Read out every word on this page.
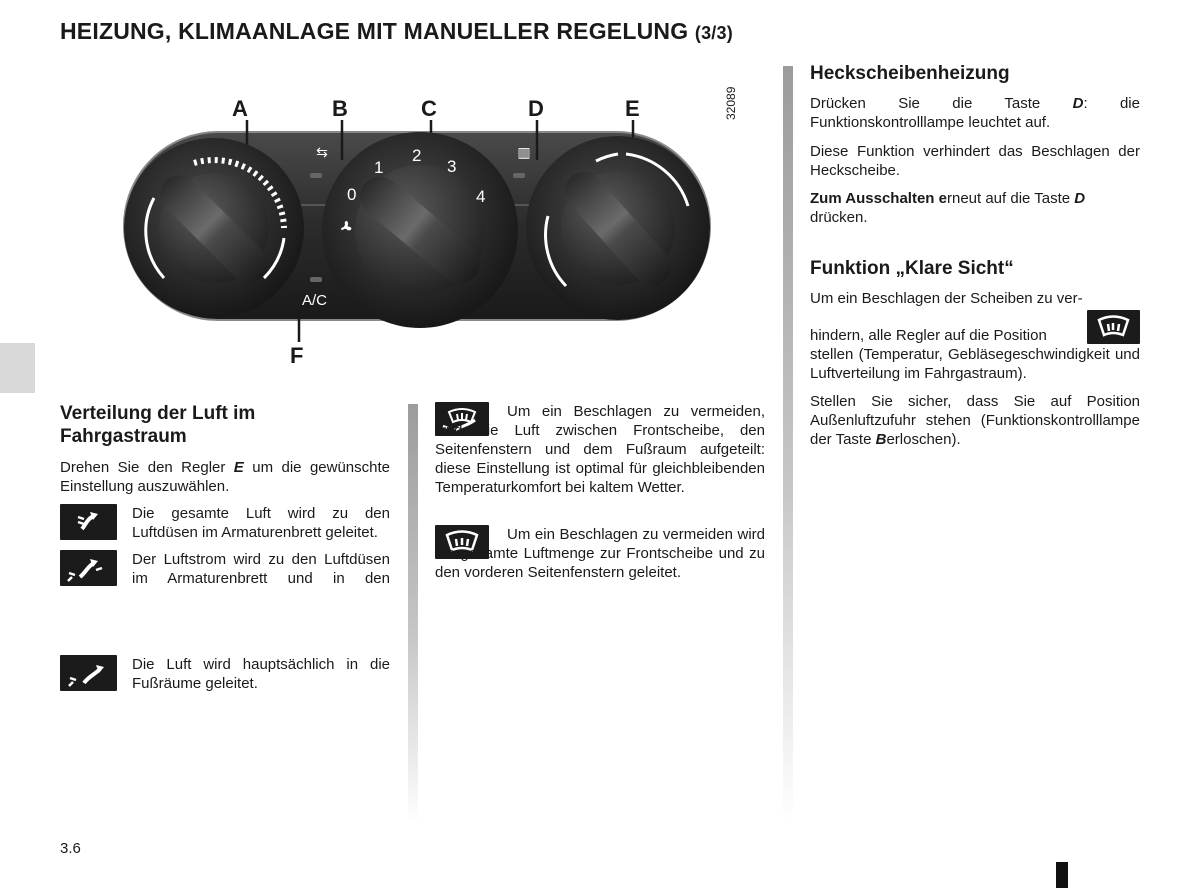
HEIZUNG, KLIMAANLAGE MIT MANUELLER REGELUNG (3/3)
32089
A	B	C	D	E
F
0
1
2
3
4
⇆	▥
A/C
Verteilung der Luft im
Fahrgastraum

Drehen Sie den Regler E um die gewünschte Einstellung auszuwählen.

Die gesamte Luft wird zu den Luftdüsen im Armaturenbrett geleitet.

Der Luftstrom wird zu den Luftdüsen im Armaturenbrett und in den

Die Luft wird hauptsächlich in die Fußräume geleitet.

Um ein Beschlagen zu vermeiden, wird die Luft zwischen Frontscheibe, den Seitenfenstern und dem Fußraum aufgeteilt: diese Einstellung ist optimal für gleichbleibenden Temperaturkomfort bei kaltem Wetter.

Um ein Beschlagen zu vermeiden wird die gesamte Luftmenge zur Frontscheibe und zu den vorderen Seitenfenstern geleitet.

Heckscheibenheizung

Drücken Sie die Taste D: die Funktionskontrolllampe leuchtet auf.

Diese Funktion verhindert das Beschlagen der Heckscheibe.

Zum Ausschalten erneut auf die Taste D
drücken.

Funktion „Klare Sicht“

Um ein Beschlagen der Scheiben zu ver-

hindern, alle Regler auf die Position

stellen (Temperatur, Gebläsegeschwindigkeit und Luftverteilung im Fahrgastraum).

Stellen Sie sicher, dass Sie auf Position Außenluftzufuhr stehen (Funktionskontrolllampe der Taste Berloschen).

3.6
